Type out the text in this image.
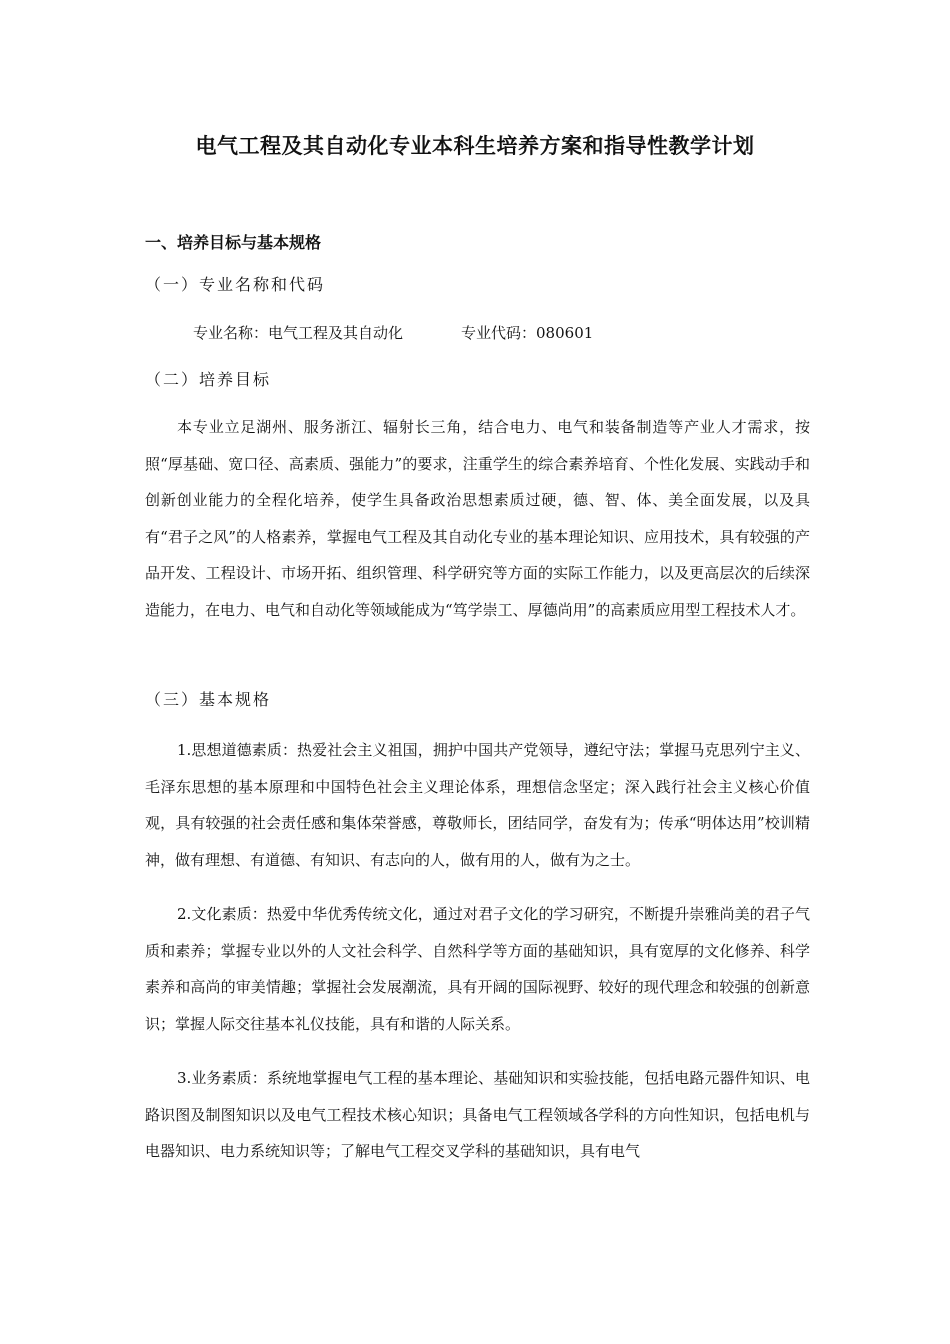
电气工程及其自动化专业本科生培养方案和指导性教学计划
一、培养目标与基本规格
（一）专业名称和代码
专业名称：电气工程及其自动化	专业代码：080601
（二）培养目标

本专业立足湖州、服务浙江、辐射长三角，结合电力、电气和装备制造等产业人才需求，按照“厚基础、宽口径、高素质、强能力”的要求，注重学生的综合素养培育、个性化发展、实践动手和创新创业能力的全程化培养，使学生具备政治思想素质过硬，德、智、体、美全面发展，以及具有“君子之风”的人格素养，掌握电气工程及其自动化专业的基本理论知识、应用技术，具有较强的产品开发、工程设计、市场开拓、组织管理、科学研究等方面的实际工作能力，以及更高层次的后续深造能力，在电力、电气和自动化等领域能成为“笃学崇工、厚德尚用”的高素质应用型工程技术人才。

（三）基本规格

1.思想道德素质：热爱社会主义祖国，拥护中国共产党领导，遵纪守法；掌握马克思列宁主义、毛泽东思想的基本原理和中国特色社会主义理论体系，理想信念坚定；深入践行社会主义核心价值观，具有较强的社会责任感和集体荣誉感，尊敬师长，团结同学，奋发有为；传承“明体达用”校训精神，做有理想、有道德、有知识、有志向的人，做有用的人，做有为之士。

2.文化素质：热爱中华优秀传统文化，通过对君子文化的学习研究，不断提升崇雅尚美的君子气质和素养；掌握专业以外的人文社会科学、自然科学等方面的基础知识，具有宽厚的文化修养、科学素养和高尚的审美情趣；掌握社会发展潮流，具有开阔的国际视野、较好的现代理念和较强的创新意识；掌握人际交往基本礼仪技能，具有和谐的人际关系。

3.业务素质：系统地掌握电气工程的基本理论、基础知识和实验技能，包括电路元器件知识、电路识图及制图知识以及电气工程技术核心知识；具备电气工程领域各学科的方向性知识，包括电机与电器知识、电力系统知识等；了解电气工程交叉学科的基础知识，具有电气
